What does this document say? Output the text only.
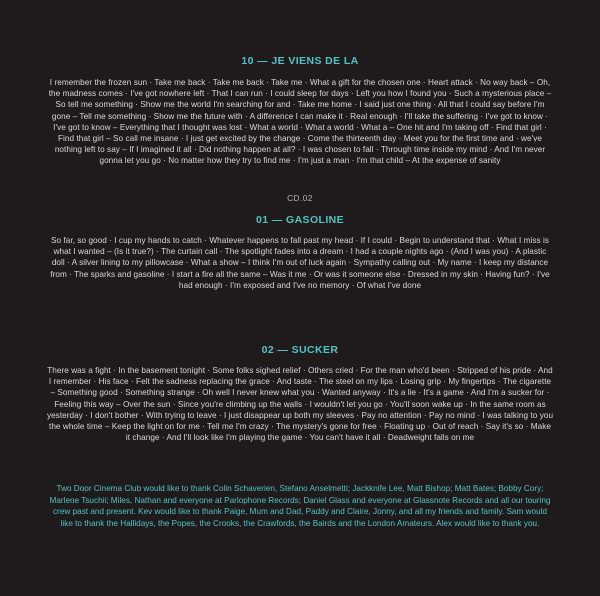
10 — JE VIENS DE LA

I remember the frozen sun · Take me back · Take me back · Take me · What a gift for the chosen one · Heart attack · No way back – Oh, the madness comes · I've got nowhere left · That I can run · I could sleep for days · Left you how I found you · Such a mysterious place – So tell me something · Show me the world I'm searching for and · Take me home · I said just one thing · All that I could say before I'm gone – Tell me something · Show me the future with · A difference I can make it · Real enough · I'll take the suffering · I've got to know · I've got to know – Everything that I thought was lost · What a world · What a world · What a – One hit and I'm taking off · Find that girl · Find that girl – So call me insane · I just get excited by the change · Come the thirteenth day · Meet you for the first time and · we've nothing left to say – If I imagined it all · Did nothing happen at all? · I was chosen to fall · Through time inside my mind · And I'm never gonna let you go · No matter how they try to find me · I'm just a man · I'm that child – At the expense of sanity

CD.02

01 — GASOLINE

So far, so good · I cup my hands to catch · Whatever happens to fall past my head · If I could · Begin to understand that · What I miss is what I wanted – (Is it true?) · The curtain call · The spotlight fades into a dream · I had a couple nights ago · (And I was you) · A plastic doll · A silver lining to my pillowcase · What a show – I think I'm out of luck again · Sympathy calling out · My name · I keep my distance from · The sparks and gasoline · I start a fire all the same – Was it me · Or was it someone else · Dressed in my skin · Having fun? · I've had enough · I'm exposed and I've no memory · Of what I've done

02 — SUCKER

There was a fight · In the basement tonight · Some folks sighed relief · Others cried · For the man who'd been · Stripped of his pride · And I remember · His face · Felt the sadness replacing the grace · And taste · The steel on my lips · Losing grip · My fingertips · The cigarette – Something good · Something strange · Oh well I never knew what you · Wanted anyway · It's a lie · It's a game · And I'm a sucker for · Feeling this way – Over the sun · Since you're climbing up the walls · I wouldn't let you go · You'll soon wake up · In the same room as yesterday · I don't bother · With trying to leave · I just disappear up both my sleeves · Pay no attention · Pay no mind · I was talking to you the whole time – Keep the light on for me · Tell me I'm crazy · The mystery's gone for free · Floating up · Out of reach · Say it's so · Make it change · And I'll look like I'm playing the game · You can't have it all · Deadweight falls on me

Two Door Cinema Club would like to thank Colin Schaverien, Stefano Anselmetti; Jackknife Lee, Matt Bishop; Matt Bates; Bobby Cory; Marlene Tsuchii; Miles, Nathan and everyone at Parlophone Records; Daniel Glass and everyone at Glassnote Records and all our touring crew past and present. Kev would like to thank Paige, Mum and Dad, Paddy and Claire, Jonny, and all my friends and family. Sam would like to thank the Hallidays, the Popes, the Crooks, the Crawfords, the Bairds and the London Amateurs. Alex would like to thank you.
